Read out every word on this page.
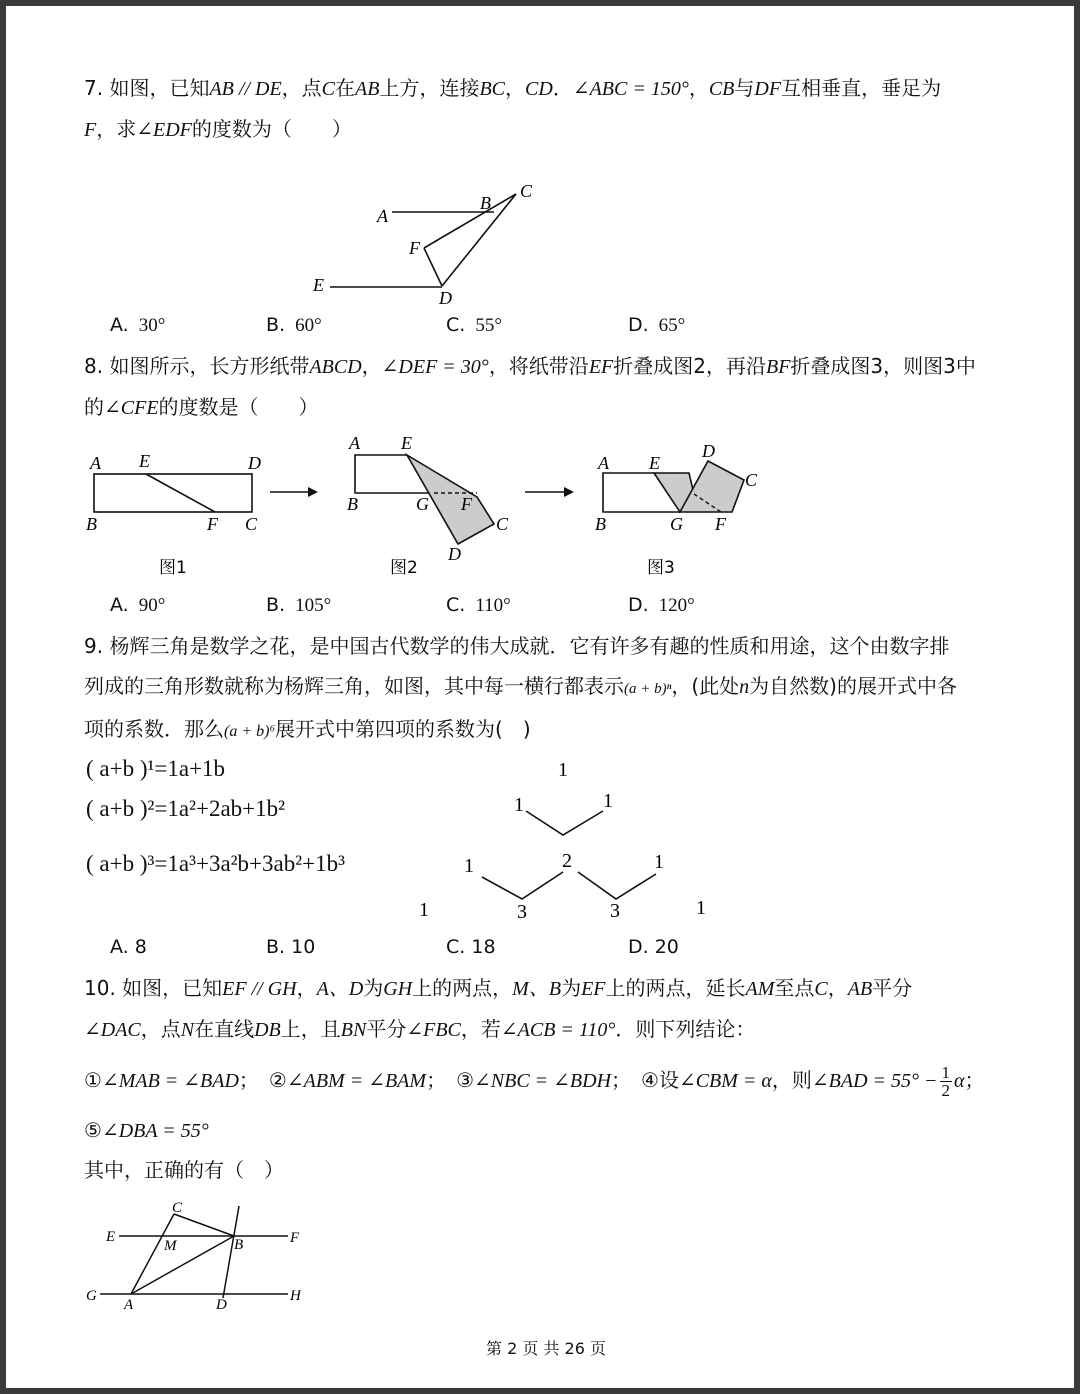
7. 如图，已知AB // DE，点C在AB上方，连接BC，CD．∠ABC = 150°，CB与DF互相垂直，垂足为
F，求∠EDF的度数为（　　）
A
B
C
F
E
D
A. 30°	B. 60°	C. 55°	D. 65°
8. 如图所示，长方形纸带ABCD，∠DEF = 30°，将纸带沿EF折叠成图2，再沿BF折叠成图3，则图3中
的∠CFE的度数是（　　）
A E	D
B	F C
图1
A E
B	G F
C
D
图2
A E
D
C
B	G F
图3
A. 90°	B. 105°	C. 110°	D. 120°
9. 杨辉三角是数学之花，是中国古代数学的伟大成就．它有许多有趣的性质和用途，这个由数字排
列成的三角形数就称为杨辉三角，如图，其中每一横行都表示(a + b)ⁿ，(此处n为自然数)的展开式中各
项的系数．那么(a + b)⁶展开式中第四项的系数为(　)
( a+b )¹=1a+1b
( a+b )²=1a²+2ab+1b²
( a+b )³=1a³+3a²b+3ab²+1b³
1
1	1
1	2	1
1	3	3	1
A. 8	B. 10	C. 18	D. 20
10. 如图，已知EF // GH，A、D为GH上的两点，M、B为EF上的两点，延长AM至点C，AB平分
∠DAC，点N在直线DB上，且BN平分∠FBC，若∠ACB = 110°．则下列结论：
①∠MAB = ∠BAD；　 ②∠ABM = ∠BAM；　 ③∠NBC = ∠BDH；　 ④设∠CBM = α，则∠BAD = $55^\circ - \frac{1}{2}$ α；
⑤∠DBA = 55°
其中，正确的有（　）
C
E
M	B	F
G
A	D
H
第 2 页 共 26 页
